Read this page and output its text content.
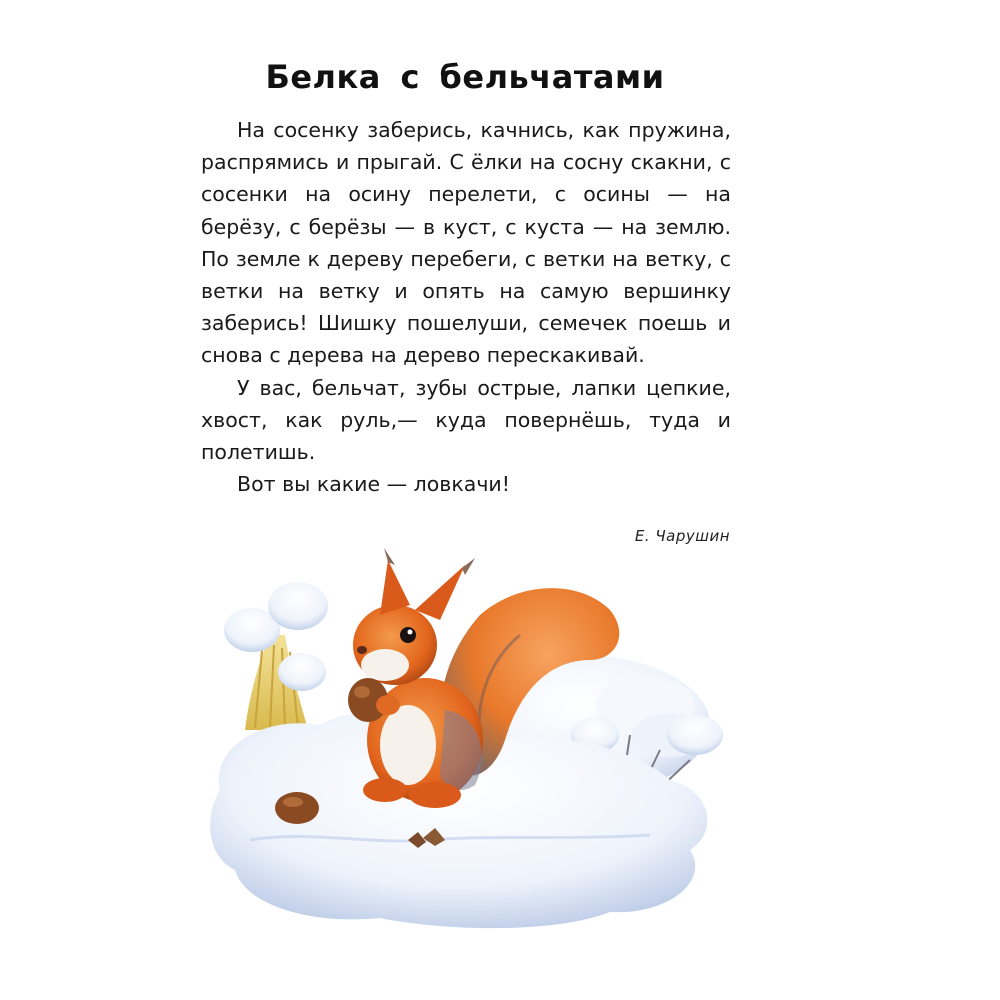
Белка с бельчатами

На сосенку заберись, качнись, как пружина, распрямись и прыгай. С ёлки на сосну скакни, с сосенки на осину перелети, с осины — на берёзу, с берёзы — в куст, с куста — на землю. По земле к дереву перебеги, с ветки на ветку, с ветки на ветку и опять на самую вершинку заберись! Шишку пошелуши, семечек поешь и снова с дерева на дерево перескакивай.

У вас, бельчат, зубы острые, лапки цепкие, хвост, как руль,— куда повернёшь, туда и полетишь.

Вот вы какие — ловкачи!

Е. Чарушин
